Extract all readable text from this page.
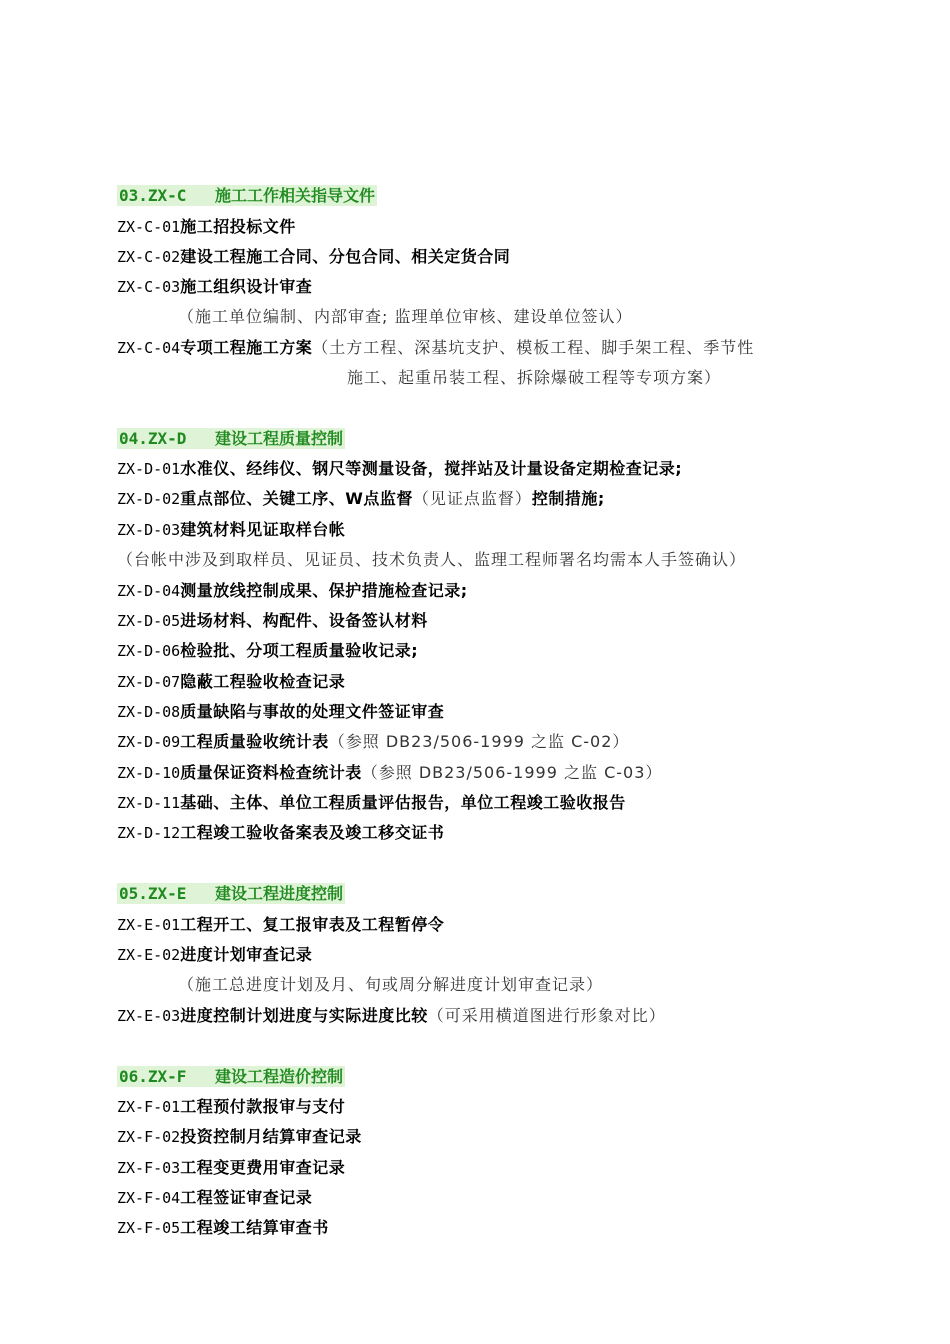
03.ZX-C 施工工作相关指导文件
ZX-C-01施工招投标文件
ZX-C-02建设工程施工合同、分包合同、相关定货合同
ZX-C-03施工组织设计审查
（施工单位编制、内部审查; 监理单位审核、建设单位签认）
ZX-C-04专项工程施工方案（土方工程、深基坑支护、模板工程、脚手架工程、季节性
施工、起重吊装工程、拆除爆破工程等专项方案）
04.ZX-D 建设工程质量控制
ZX-D-01水准仪、经纬仪、钢尺等测量设备，搅拌站及计量设备定期检查记录;
ZX-D-02重点部位、关键工序、W点监督（见证点监督）控制措施;
ZX-D-03建筑材料见证取样台帐
（台帐中涉及到取样员、见证员、技术负责人、监理工程师署名均需本人手签确认）
ZX-D-04测量放线控制成果、保护措施检查记录;
ZX-D-05进场材料、构配件、设备签认材料
ZX-D-06检验批、分项工程质量验收记录;
ZX-D-07隐蔽工程验收检查记录
ZX-D-08质量缺陷与事故的处理文件签证审查
ZX-D-09工程质量验收统计表（参照 DB23/506-1999 之监 C-02）
ZX-D-10质量保证资料检查统计表（参照 DB23/506-1999 之监 C-03）
ZX-D-11基础、主体、单位工程质量评估报告，单位工程竣工验收报告
ZX-D-12工程竣工验收备案表及竣工移交证书
05.ZX-E 建设工程进度控制
ZX-E-01工程开工、复工报审表及工程暂停令
ZX-E-02进度计划审查记录
（施工总进度计划及月、旬或周分解进度计划审查记录）
ZX-E-03进度控制计划进度与实际进度比较（可采用横道图进行形象对比）
06.ZX-F 建设工程造价控制
ZX-F-01工程预付款报审与支付
ZX-F-02投资控制月结算审查记录
ZX-F-03工程变更费用审查记录
ZX-F-04工程签证审查记录
ZX-F-05工程竣工结算审查书
